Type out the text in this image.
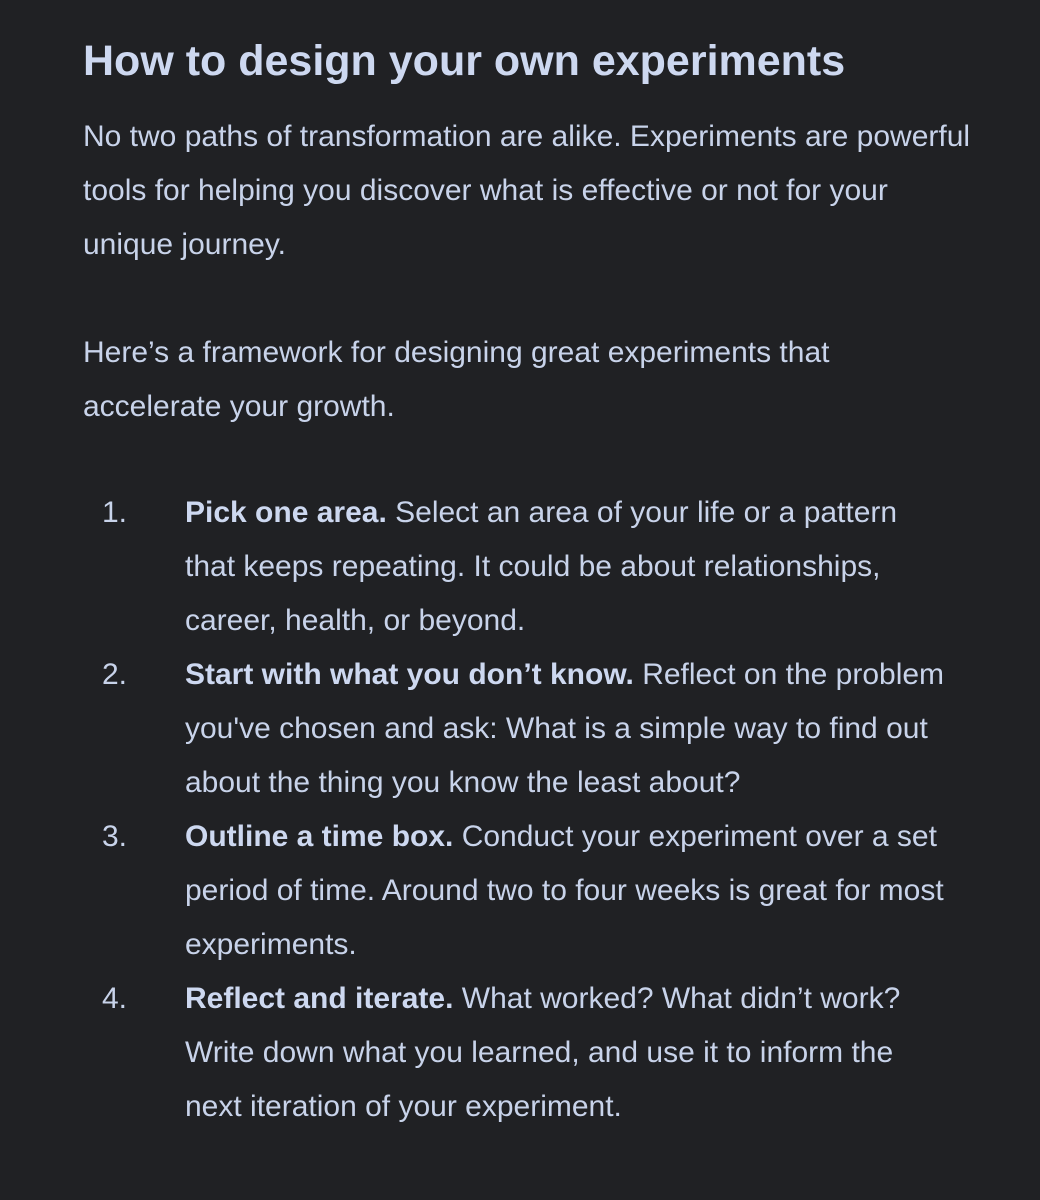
How to design your own experiments

No two paths of transformation are alike. Experiments are powerful tools for helping you discover what is effective or not for your unique journey.

Here’s a framework for designing great experiments that accelerate your growth.

1. Pick one area. Select an area of your life or a pattern that keeps repeating. It could be about relationships, career, health, or beyond.
2. Start with what you don’t know. Reflect on the problem you've chosen and ask: What is a simple way to find out about the thing you know the least about?
3. Outline a time box. Conduct your experiment over a set period of time. Around two to four weeks is great for most experiments.
4. Reflect and iterate. What worked? What didn’t work? Write down what you learned, and use it to inform the next iteration of your experiment.
